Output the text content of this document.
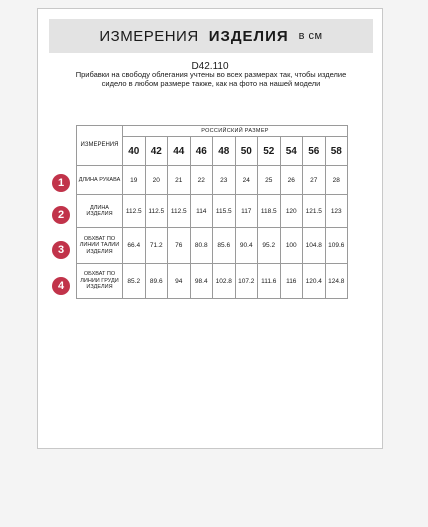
ИЗМЕРЕНИЯ ИЗДЕЛИЯ в см
D42.110
Прибавки на свободу облегания учтены во всех размерах так, чтобы изделие сидело в любом размере также, как на фото на нашей модели
ИЗМЕРЕНИЯ	РОССИЙСКИЙ РАЗМЕР									
	40	42	44	46	48	50	52	54	56	58
ДЛИНА РУКАВА	19	20	21	22	23	24	25	26	27	28
ДЛИНА ИЗДЕЛИЯ	112.5	112.5	112.5	114	115.5	117	118.5	120	121.5	123
ОБХВАТ ПО ЛИНИИ ТАЛИИ ИЗДЕЛИЯ	66.4	71.2	76	80.8	85.6	90.4	95.2	100	104.8	109.6
ОБХВАТ ПО ЛИНИИ ГРУДИ ИЗДЕЛИЯ	85.2	89.6	94	98.4	102.8	107.2	111.6	116	120.4	124.8
1
2
3
4
